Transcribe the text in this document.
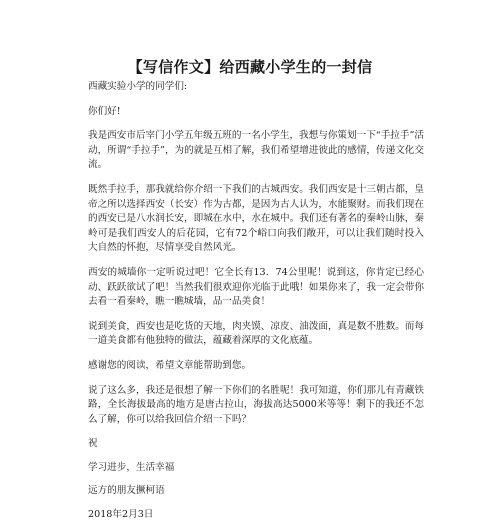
【写信作文】给西藏小学生的一封信

西藏实验小学的同学们:

你们好!

我是西安市后宰门小学五年级五班的一名小学生，我想与你策划一下“手拉手”活动，所谓“手拉手”，为的就是互相了解，我们希望增进彼此的感情，传递文化交流。

既然手拉手，那我就给你介绍一下我们的古城西安。我们西安是十三朝古都，皇帝之所以选择西安（长安）作为古都，是因为古人认为，水能聚财。而我们现在的西安已是八水润长安，即城在水中，水在城中。我们还有著名的秦岭山脉，秦岭可是我们西安人的后花园，它有72个峪口向我们敞开，可以让我们随时投入大自然的怀抱，尽情享受自然风光。

西安的城墙你一定听说过吧！它全长有13．74公里呢！说到这，你肯定已经心动、跃跃欲试了吧！当然我们很欢迎你光临于此哦！如果你来了，我一定会带你去看一看秦岭，瞧一瞧城墙，品一品美食！

说到美食，西安也是吃货的天地，肉夹馍、凉皮、油泼面，真是数不胜数。而每一道美食都有他独特的做法，蕴藏着深厚的文化底蕴。

感谢您的阅读，希望文章能帮助到您。

说了这么多，我还是很想了解一下你们的名胜呢！我可知道，你们那儿有青藏铁路，全长海拔最高的地方是唐古拉山，海拔高达5000米等等！剩下的我还不怎么了解，你可以给我回信介绍一下吗？

祝

学习进步，生活幸福

远方的朋友撅柯语

2018年2月3日
